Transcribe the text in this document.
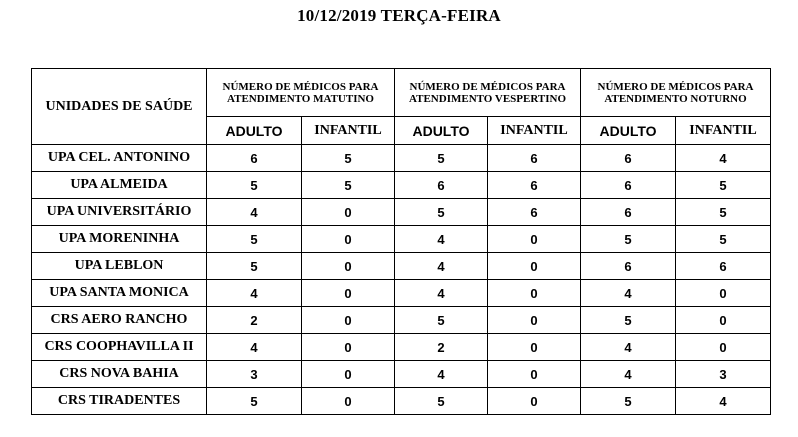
10/12/2019 TERÇA-FEIRA
UNIDADES DE SAÚDE	NÚMERO DE MÉDICOS PARA ATENDIMENTO MATUTINO		NÚMERO DE MÉDICOS PARA ATENDIMENTO VESPERTINO		NÚMERO DE MÉDICOS PARA ATENDIMENTO NOTURNO	
	ADULTO	INFANTIL	ADULTO	INFANTIL	ADULTO	INFANTIL
UPA CEL. ANTONINO	6	5	5	6	6	4
UPA ALMEIDA	5	5	6	6	6	5
UPA UNIVERSITÁRIO	4	0	5	6	6	5
UPA MORENINHA	5	0	4	0	5	5
UPA LEBLON	5	0	4	0	6	6
UPA SANTA MONICA	4	0	4	0	4	0
CRS AERO RANCHO	2	0	5	0	5	0
CRS COOPHAVILLA II	4	0	2	0	4	0
CRS NOVA BAHIA	3	0	4	0	4	3
CRS TIRADENTES	5	0	5	0	5	4
